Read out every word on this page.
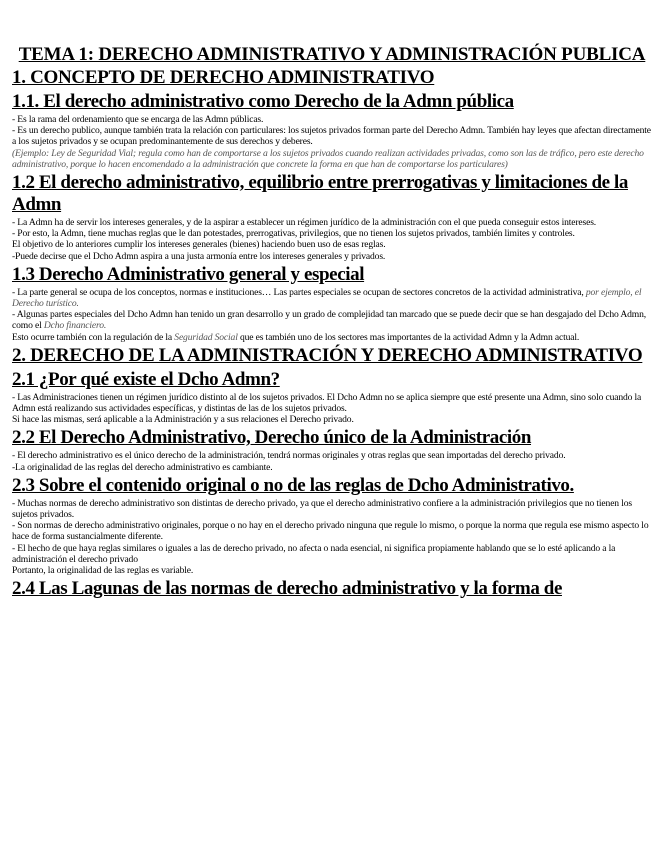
TEMA 1: DERECHO ADMINISTRATIVO Y ADMINISTRACIÓN PUBLICA
1. CONCEPTO DE DERECHO ADMINISTRATIVO
1.1. El derecho administrativo como Derecho de la Admn pública

- Es la rama del ordenamiento que se encarga de las Admn públicas.

- Es un derecho publico, aunque también trata la relación con particulares: los sujetos privados forman parte del Derecho Admn. También hay leyes que afectan directamente a los sujetos privados y se ocupan predominantemente de sus derechos y deberes.

(Ejemplo: Ley de Seguridad Vial; regula como han de comportarse a los sujetos privados cuando realizan actividades privadas, como son las de tráfico, pero este derecho administrativo, porque lo hacen encomendado a la administración que concrete la forma en que han de comportarse los particulares)

1.2 El derecho administrativo, equilibrio entre prerrogativas y limitaciones de la Admn

- La Admn ha de servir los intereses generales, y de la aspirar a establecer un régimen jurídico de la administración con el que pueda conseguir estos intereses.

- Por esto, la Admn, tiene muchas reglas que le dan potestades, prerrogativas, privilegios, que no tienen los sujetos privados, también limites y controles.

El objetivo de lo anteriores cumplir los intereses generales (bienes) haciendo buen uso de esas reglas.

-Puede decirse que el Dcho Admn aspira a una justa armonía entre los intereses generales y privados.

1.3 Derecho Administrativo general y especial

- La parte general se ocupa de los conceptos, normas e instituciones… Las partes especiales se ocupan de sectores concretos de la actividad administrativa, por ejemplo, el Derecho turístico.

- Algunas partes especiales del Dcho Admn han tenido un gran desarrollo y un grado de complejidad tan marcado que se puede decir que se han desgajado del Dcho Admn, como el Dcho financiero.

Esto ocurre también con la regulación de la Seguridad Social que es también uno de los sectores mas importantes de la actividad Admn y la Admn actual.

2. DERECHO DE LA ADMINISTRACIÓN Y DERECHO ADMINISTRATIVO
2.1 ¿Por qué existe el Dcho Admn?

- Las Administraciones tienen un régimen jurídico distinto al de los sujetos privados. El Dcho Admn no se aplica siempre que esté presente una Admn, sino solo cuando la Admn está realizando sus actividades específicas, y distintas de las de los sujetos privados.

Si hace las mismas, será aplicable a la Administración y a sus relaciones el Derecho privado.

2.2 El Derecho Administrativo, Derecho único de la Administración

- El derecho administrativo es el único derecho de la administración, tendrá normas originales y otras reglas que sean importadas del derecho privado.

-La originalidad de las reglas del derecho administrativo es cambiante.

2.3 Sobre el contenido original o no de las reglas de Dcho Administrativo.

- Muchas normas de derecho administrativo son distintas de derecho privado, ya que el derecho administrativo confiere a la administración privilegios que no tienen los sujetos privados.

- Son normas de derecho administrativo originales, porque o no hay en el derecho privado ninguna que regule lo mismo, o porque la norma que regula ese mismo aspecto lo hace de forma sustancialmente diferente.

- El hecho de que haya reglas similares o iguales a las de derecho privado, no afecta o nada esencial, ni significa propiamente hablando que se lo esté aplicando a la administración el derecho privado

Portanto, la originalidad de las reglas es variable.

2.4 Las Lagunas de las normas de derecho administrativo y la forma de
